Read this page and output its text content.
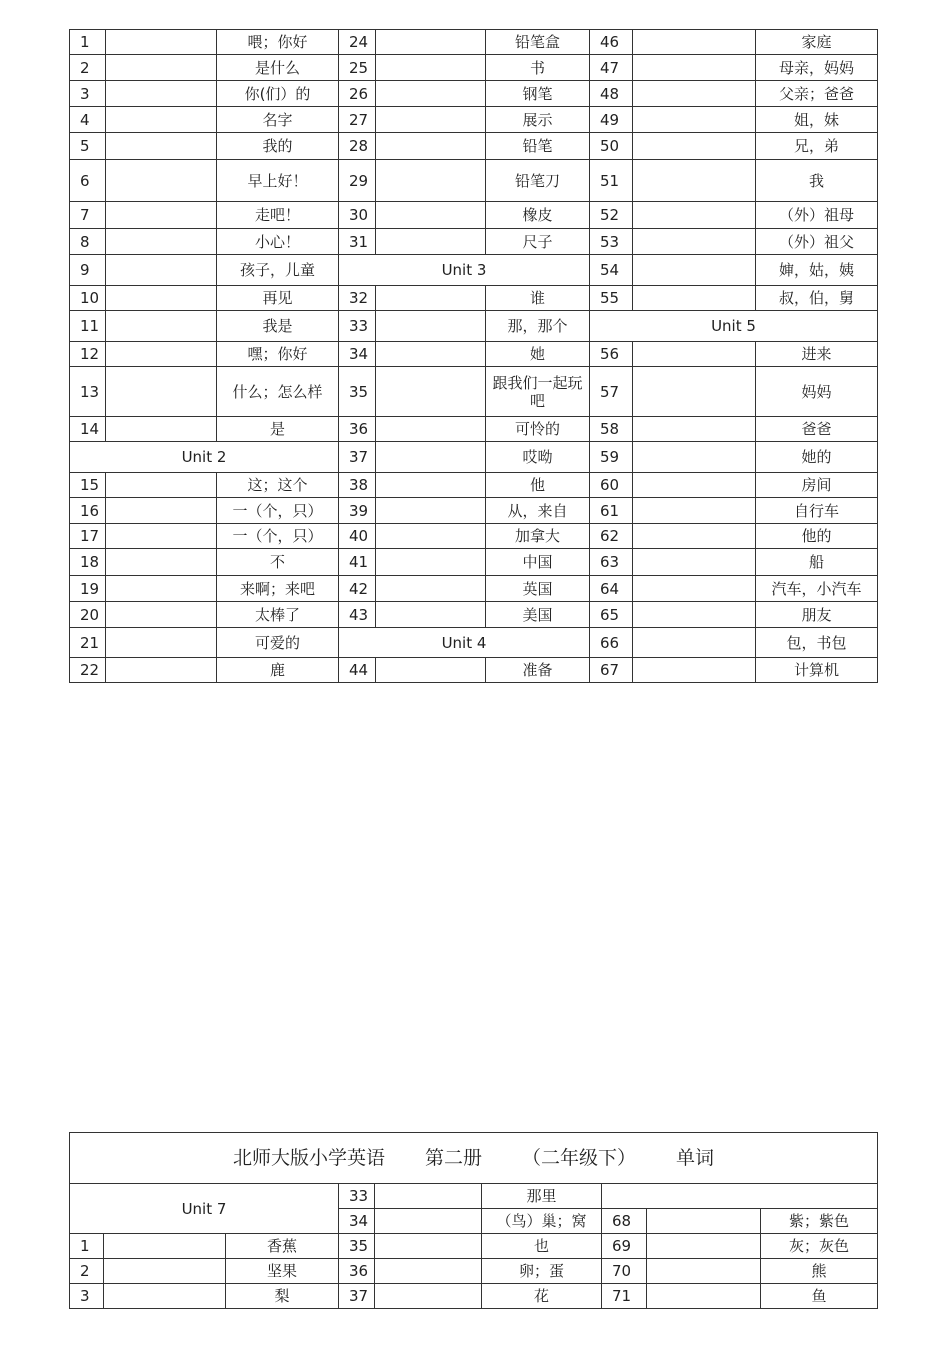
1		喂；你好	24		铅笔盒	46		家庭
2		是什么	25		书	47		母亲，妈妈
3		你(们）的	26		钢笔	48		父亲；爸爸
4		名字	27		展示	49		姐，妹
5		我的	28		铅笔	50		兄，弟
6		早上好！	29		铅笔刀	51		我
7		走吧！	30		橡皮	52		（外）祖母
8		小心！	31		尺子	53		（外）祖父
9		孩子，儿童	Unit 3			54		婶，姑，姨
10		再见	32		谁	55		叔，伯，舅
11		我是	33		那，那个	Unit 5		
12		嘿；你好	34		她	56		进来
13		什么；怎么样	35		跟我们一起玩吧	57		妈妈
14		是	36		可怜的	58		爸爸
Unit 2			37		哎呦	59		她的
15		这；这个	38		他	60		房间
16		一（个，只）	39		从，来自	61		自行车
17		一（个，只）	40		加拿大	62		他的
18		不	41		中国	63		船
19		来啊；来吧	42		英国	64		汽车，小汽车
20		太棒了	43		美国	65		朋友
21		可爱的	Unit 4			66		包，书包
22		鹿	44		准备	67		计算机
北师大版小学英语 第二册 （二年级下） 单词								
Unit 7			33		那里			
			34		（鸟）巢；窝	68		紫；紫色
1		香蕉	35		也	69		灰；灰色
2		坚果	36		卵；蛋	70		熊
3		梨	37		花	71		鱼
